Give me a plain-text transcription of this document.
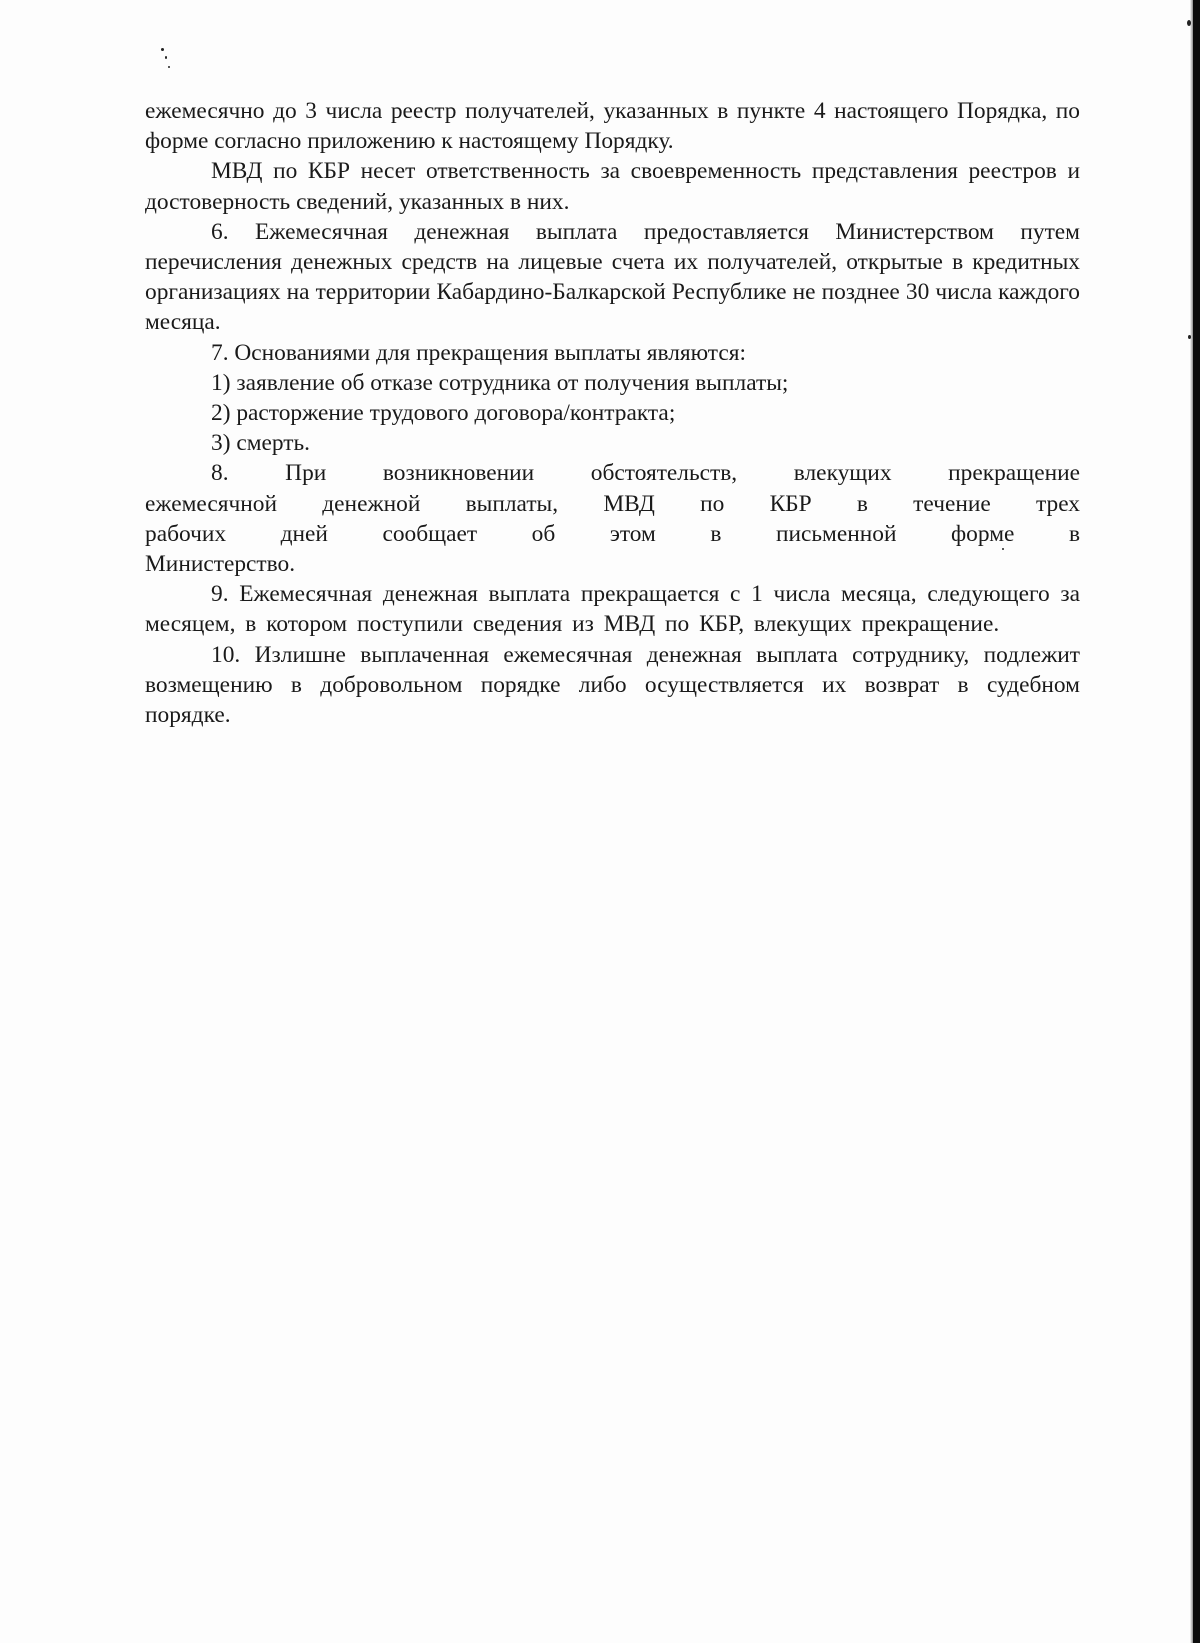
ежемесячно до 3 числа реестр получателей, указанных в пункте 4 настоящего Порядка, по форме согласно приложению к настоящему Порядку.

МВД по КБР несет ответственность за своевременность представления реестров и достоверность сведений, указанных в них.

6. Ежемесячная денежная выплата предоставляется Министерством путем перечисления денежных средств на лицевые счета их получателей, открытые в кредитных организациях на территории Кабардино-Балкарской Республике не позднее 30 числа каждого месяца.

7. Основаниями для прекращения выплаты являются:

1) заявление об отказе сотрудника от получения выплаты;

2) расторжение трудового договора/контракта;

3) смерть.

8. При возникновении обстоятельств, влекущих прекращение ежемесячной денежной выплаты, МВД по КБР в течение трех рабочих дней сообщает об этом в письменной форме в Министерство.

9. Ежемесячная денежная выплата прекращается с 1 числа месяца, следующего за месяцем, в котором поступили сведения из МВД по КБР, влекущих прекращение.

10. Излишне выплаченная ежемесячная денежная выплата сотруднику, подлежит возмещению в добровольном порядке либо осуществляется их возврат в судебном порядке.
